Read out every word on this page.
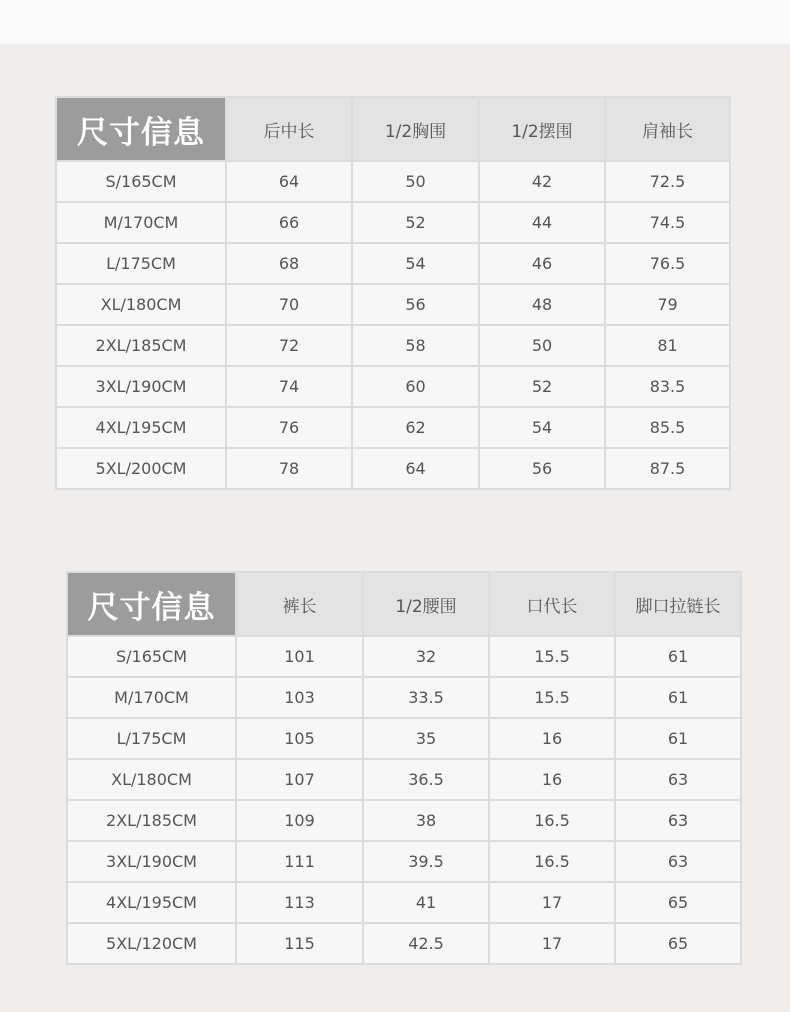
尺寸信息	后中长	1/2胸围	1/2摆围	肩袖长
S/165CM	64	50	42	72.5
M/170CM	66	52	44	74.5
L/175CM	68	54	46	76.5
XL/180CM	70	56	48	79
2XL/185CM	72	58	50	81
3XL/190CM	74	60	52	83.5
4XL/195CM	76	62	54	85.5
5XL/200CM	78	64	56	87.5
尺寸信息	裤长	1/2腰围	口代长	脚口拉链长
S/165CM	101	32	15.5	61
M/170CM	103	33.5	15.5	61
L/175CM	105	35	16	61
XL/180CM	107	36.5	16	63
2XL/185CM	109	38	16.5	63
3XL/190CM	111	39.5	16.5	63
4XL/195CM	113	41	17	65
5XL/120CM	115	42.5	17	65
